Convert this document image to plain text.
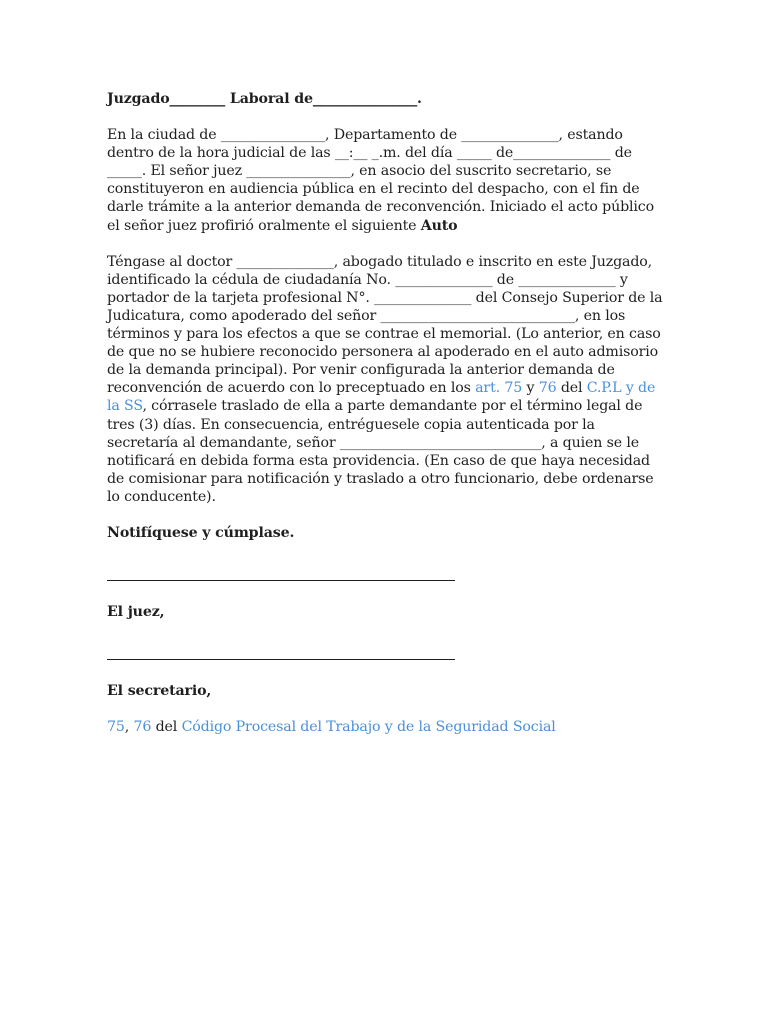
Juzgado________ Laboral de_______________.

En la ciudad de _______________, Departamento de ______________, estando dentro de la hora judicial de las __:__ _.m. del día _____ de______________ de _____. El señor juez _______________, en asocio del suscrito secretario, se constituyeron en audiencia pública en el recinto del despacho, con el fin de darle trámite a la anterior demanda de reconvención. Iniciado el acto público el señor juez profirió oralmente el siguiente Auto

Téngase al doctor ______________, abogado titulado e inscrito en este Juzgado, identificado la cédula de ciudadanía No. ______________ de ______________ y portador de la tarjeta profesional N°. ______________ del Consejo Superior de la Judicatura, como apoderado del señor ____________________________, en los términos y para los efectos a que se contrae el memorial. (Lo anterior, en caso de que no se hubiere reconocido personera al apoderado en el auto admisorio de la demanda principal). Por venir configurada la anterior demanda de reconvención de acuerdo con lo preceptuado en los art. 75 y 76 del C.P.L y de la SS, córrasele traslado de ella a parte demandante por el término legal de tres (3) días. En consecuencia, entréguesele copia autenticada por la secretaría al demandante, señor _____________________________, a quien se le notificará en debida forma esta providencia. (En caso de que haya necesidad de comisionar para notificación y traslado a otro funcionario, debe ordenarse lo conducente).

Notifíquese y cúmplase.

El juez,

El secretario,

75, 76 del Código Procesal del Trabajo y de la Seguridad Social
